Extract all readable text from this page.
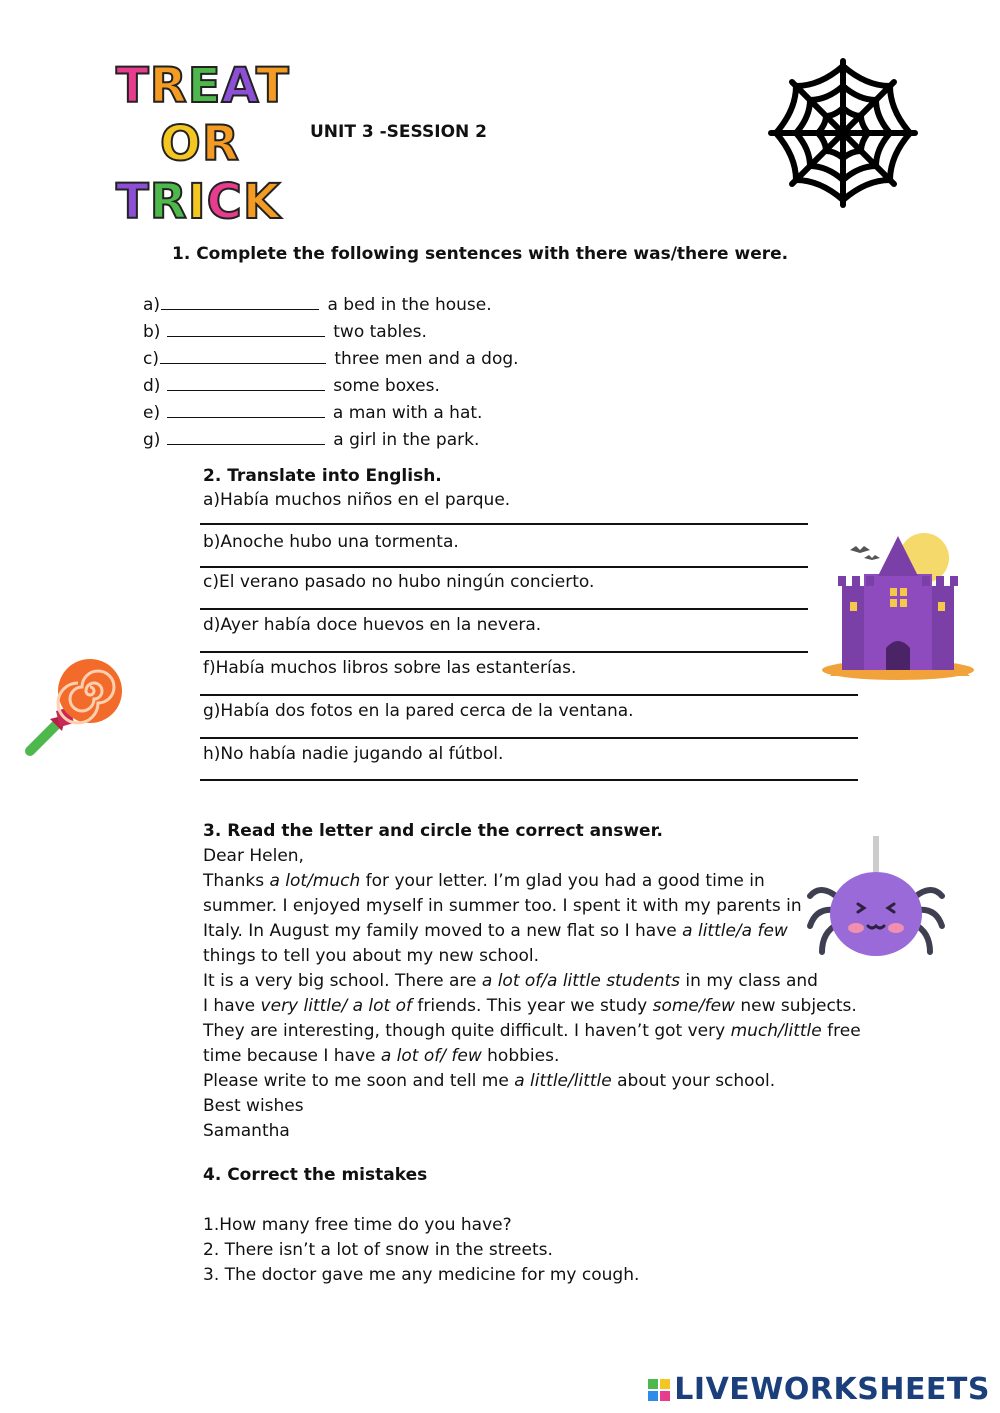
TREAT
OR
TRICK
UNIT 3 -SESSION 2
1. Complete the following sentences with there was/there were.
a)	a bed in the house.
b)	two tables.
c)	three men and a dog.
d)	some boxes.
e)	a man with a hat.
g)	a girl in the park.
2. Translate into English.
a)Había muchos niños en el parque.
b)Anoche hubo una tormenta.
c)El verano pasado no hubo ningún concierto.
d)Ayer había doce huevos en la nevera.
f)Había muchos libros sobre las estanterías.
g)Había dos fotos en la pared cerca de la ventana.
h)No había nadie jugando al fútbol.
3. Read the letter and circle the correct answer.
Dear Helen,
Thanks a lot/much for your letter. I’m glad you had a good time in
summer. I enjoyed myself in summer too. I spent it with my parents in
Italy. In August my family moved to a new flat so I have a little/a few
things to tell you about my new school.
It is a very big school. There are a lot of/a little students in my class and
I have very little/ a lot of friends. This year we study some/few new subjects.
They are interesting, though quite difficult. I haven’t got very much/little free
time because I have a lot of/ few hobbies.
Please write to me soon and tell me a little/little about your school.
Best wishes
Samantha
4. Correct the mistakes
1.How many free time do you have?
2. There isn’t a lot of snow in the streets.
3. The doctor gave me any medicine for my cough.
LIVEWORKSHEETS
